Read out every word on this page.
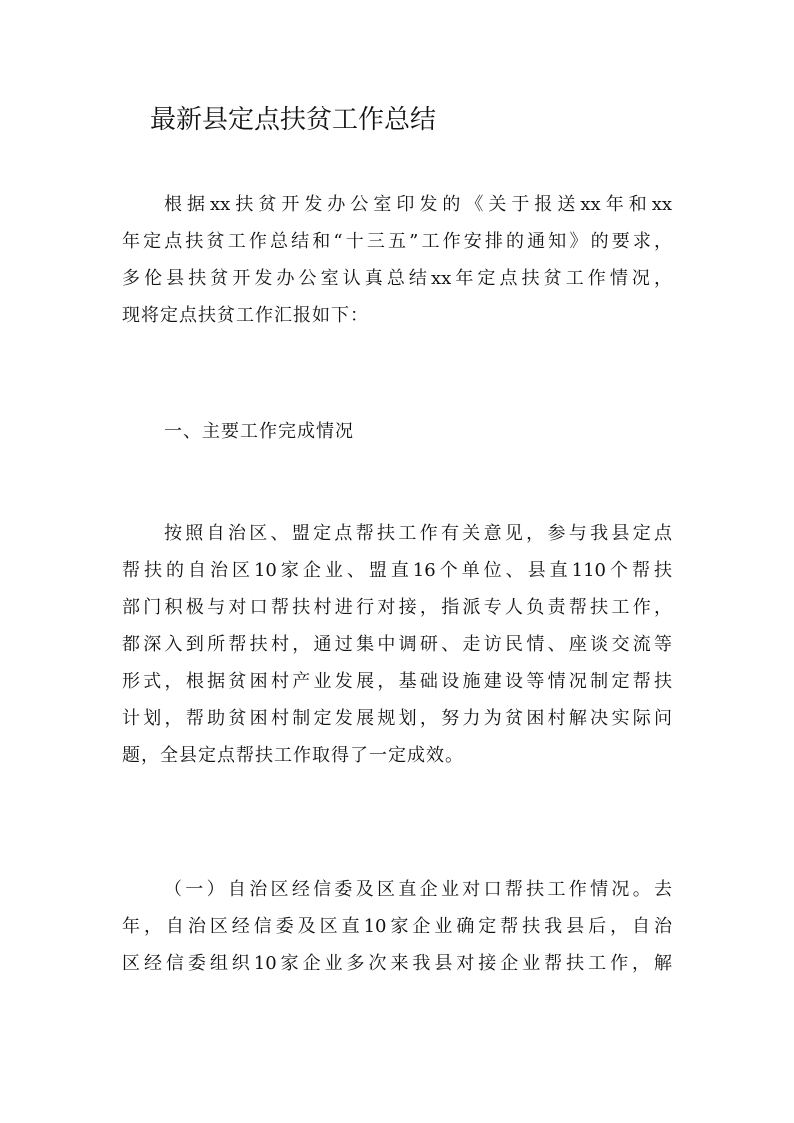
最新县定点扶贫工作总结

根据xx扶贫开发办公室印发的《关于报送xx年和xx

年定点扶贫工作总结和“十三五”工作安排的通知》的要求，

多伦县扶贫开发办公室认真总结xx年定点扶贫工作情况，

现将定点扶贫工作汇报如下：

一、主要工作完成情况

按照自治区、盟定点帮扶工作有关意见，参与我县定点

帮扶的自治区10家企业、盟直16个单位、县直110个帮扶

部门积极与对口帮扶村进行对接，指派专人负责帮扶工作，

都深入到所帮扶村，通过集中调研、走访民情、座谈交流等

形式，根据贫困村产业发展，基础设施建设等情况制定帮扶

计划，帮助贫困村制定发展规划，努力为贫困村解决实际问

题，全县定点帮扶工作取得了一定成效。

（一）自治区经信委及区直企业对口帮扶工作情况。去

年，自治区经信委及区直10家企业确定帮扶我县后，自治

区经信委组织10家企业多次来我县对接企业帮扶工作，解
